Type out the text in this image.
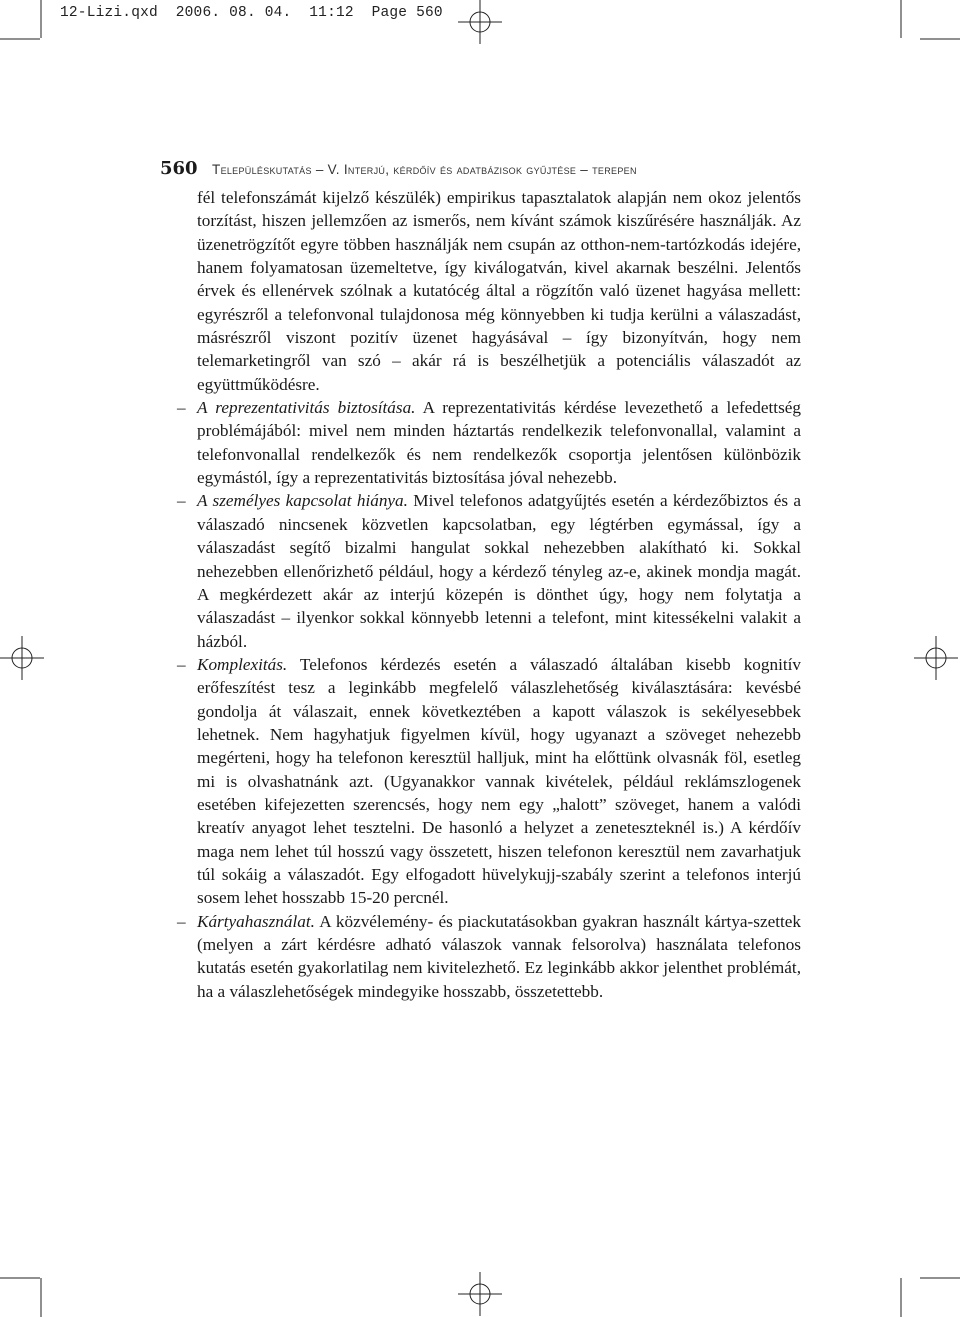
12-Lizi.qxd 2006. 08. 04. 11:12 Page 560
560 Településkutatás – V. Interjú, kérdőív és adatbázisok gyűjtése – terepen

fél telefonszámát kijelző készülék) empirikus tapasztalatok alapján nem okoz jelentős torzítást, hiszen jellemzően az ismerős, nem kívánt számok kiszűrésére használják. Az üzenetrögzítőt egyre többen használják nem csupán az otthon-nem-tartózkodás idejére, hanem folyamatosan üzemeltetve, így kiválogatván, kivel akarnak beszélni. Jelentős érvek és ellenérvek szólnak a kutatócég által a rögzítőn való üzenet hagyása mellett: egyrészről a telefonvonal tulajdonosa még könnyebben ki tudja kerülni a válaszadást, másrészről viszont pozitív üzenet hagyásával – így bizonyítván, hogy nem telemarketingről van szó – akár rá is beszélhetjük a potenciális válaszadót az együttműködésre.

– A reprezentativitás biztosítása. A reprezentativitás kérdése levezethető a lefedettség problémájából: mivel nem minden háztartás rendelkezik telefonvonallal, valamint a telefonvonallal rendelkezők és nem rendelkezők csoportja jelentősen különbözik egymástól, így a reprezentativitás biztosítása jóval nehezebb.

– A személyes kapcsolat hiánya. Mivel telefonos adatgyűjtés esetén a kérdezőbiztos és a válaszadó nincsenek közvetlen kapcsolatban, egy légtérben egymással, így a válaszadást segítő bizalmi hangulat sokkal nehezebben alakítható ki. Sokkal nehezebben ellenőrizhető például, hogy a kérdező tényleg az-e, akinek mondja magát. A megkérdezett akár az interjú közepén is dönthet úgy, hogy nem folytatja a válaszadást – ilyenkor sokkal könnyebb letenni a telefont, mint kitessékelni valakit a házból.

– Komplexitás. Telefonos kérdezés esetén a válaszadó általában kisebb kognitív erőfeszítést tesz a leginkább megfelelő válaszlehetőség kiválasztására: kevésbé gondolja át válaszait, ennek következtében a kapott válaszok is sekélyesebbek lehetnek. Nem hagyhatjuk figyelmen kívül, hogy ugyanazt a szöveget nehezebb megérteni, hogy ha telefonon keresztül halljuk, mint ha előttünk olvasnák föl, esetleg mi is olvashatnánk azt. (Ugyanakkor vannak kivételek, például reklámszlogenek esetében kifejezetten szerencsés, hogy nem egy „halott” szöveget, hanem a valódi kreatív anyagot lehet tesztelni. De hasonló a helyzet a zeneteszteknél is.) A kérdőív maga nem lehet túl hosszú vagy összetett, hiszen telefonon keresztül nem zavarhatjuk túl sokáig a válaszadót. Egy elfogadott hüvelykujj-szabály szerint a telefonos interjú sosem lehet hosszabb 15-20 percnél.

– Kártyahasználat. A közvélemény- és piackutatásokban gyakran használt kártya-szettek (melyen a zárt kérdésre adható válaszok vannak felsorolva) használata telefonos kutatás esetén gyakorlatilag nem kivitelezhető. Ez leginkább akkor jelenthet problémát, ha a válaszlehetőségek mindegyike hosszabb, összetettebb.
